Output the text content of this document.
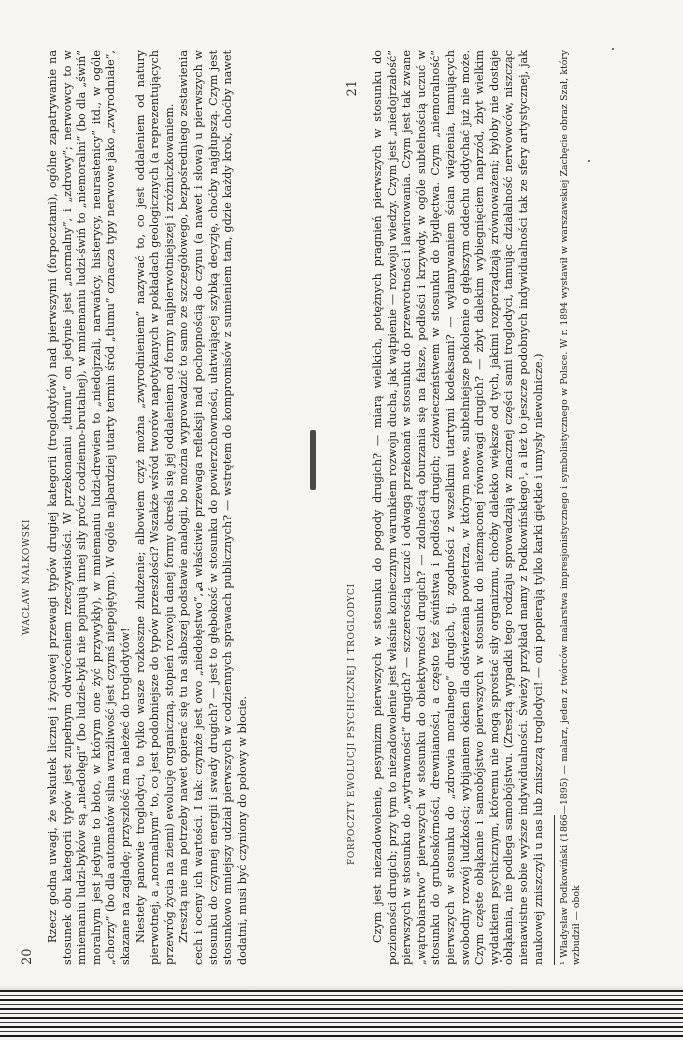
20
WACŁAW NAŁKOWSKI Rzecz godna uwagi, że wskutek licznej i życiowej przewagi typów drugiej kategorii (troglodytów) nad pierwszymi (forpocztami), ogólne zapatrywanie na stosunek obu kategorii typów jest zupełnym odwróceniem rzeczywistości. W przekonaniu „tłumu” on jedynie jest „normalny”, i „zdrowy”; nerwowcy to w mniemaniu ludzi-byków są „niedołęgi” (bo ludzie-byki nie pojmują innej siły prócz codzienno-brutalnej), w mniemaniu ludzi-świń to „niemoralni” (bo dla „świń” moralnym jest jedynie to błoto, w którym one żyć przywykły), w mniemaniu ludzi-drewien to „niedojrzali, narwańcy, histerycy, neurastenicy” itd., w ogóle „chorzy” (bo dla automatów silna wrażliwość jest czymś niepojętym). W ogóle najbardziej utarty termin śród „tłumu” oznacza typy nerwowe jako „zwyrodniałe”, skazane na zagładę; przyszłość ma należeć do troglodytów! Niestety panowie troglodyci, to tylko wasze rozkoszne złudzenie; albowiem czyż można „zwyrodnieniem” nazywać to, co jest oddaleniem od natury pierwotnej, a „normalnym” to, co jest podobniejsze do typów przeszłości? Wszakże wśród tworów napotykanych w pokładach geologicznych (a reprezentujących przewróg życia na ziemi) ewolucję organiczną, stopień rozwoju danej formy określa się jej oddaleniem od formy najpierwotniejszej i zróżniczkowaniem. Zresztą nie ma potrzeby nawet opierać się tu na słabszej podstawie analogii, bo można wyprowadzić to samo ze szczegółowego, bezpośredniego zestawienia cech i oceny ich wartości. I tak: czymże jest owo „niedołęstwo”, a właściwie przewaga refleksji nad pochopnością do czynu (a nawet i słowa) u pierwszych w stosunku do czynnej energii i swady drugich? — jest to głębokość w stosunku do powierzchowności, ułatwiającej szybką decyzję, choćby najgłupszą. Czym jest stosunkowo mniejszy udział pierwszych w codziennych sprawach publicznych? — wstrętem do kompromisów z sumieniem tam, gdzie każdy krok, choćby nawet dodatni, musi być czyniony do połowy w błocie.	FORPOCZTY EWOLUCJI PSYCHICZNEJ I TROGLODYCI
21 Czym jest niezadowolenie, pesymizm pierwszych w stosunku do pogody drugich? — miarą wielkich, potężnych pragnień pierwszych w stosunku do poziomości drugich; przy tym to niezadowolenie jest właśnie koniecznym warunkiem rozwoju ducha, jak wątpienie — rozwoju wiedzy. Czym jest „niedojrzałość” pierwszych w stosunku do „wytrawności” drugich? — szczerością uczuć i odwagą przekonań w stosunku do przewrotności i lawirowania. Czym jest tak zwane „wątrobiarstwo” pierwszych w stosunku do obiektywności drugich? — zdolnością oburzania się na fałsze, podłości i krzywdy, w ogóle subtelnością uczuć w stosunku do gruboskórności, drewnianości, a często też świństwa i podłości drugich; człowieczeństwem w stosunku do bydlęctwa. Czym „niemoralność” pierwszych w stosunku do „zdrowia moralnego” drugich, tj. zgodności z wszelkimi utartymi kodeksami? — wyłamywaniem ścian więzienia, tamujących swobodny rozwój ludzkości; wybijaniem okien dla odświeżenia powietrza, w którym nowe, subtelniejsze pokolenie o głębszym oddechu oddychać już nie może. Czym częste obłąkanie i samobójstwo pierwszych w stosunku do niezmąconej równowagi drugich? — zbyt dalekim wybiegnięciem naprzód, zbyt wielkim wydatkiem psychicznym, któremu nie mogą sprostać siły organizmu, choćby dalekko większe od tych, jakimi rozporządzają zrównoważeni; byłoby nie dostaje obłąkania, nie podlega samobójstwu. (Zresztą wypadki tego rodzaju sprowadzają w znacznej części sami troglodyci, tamując działalność nerwowców, niszcząc nienawistne sobie wyższe indywidualności. Świeży przykład mamy z Podkowińskiego¹, a ileż to jeszcze podobnych indywidualności tak ze sfery artystycznej, jak naukowej zniszczyli u nas lub zniszczą troglodyci! — oni popierają tylko karki giętkie i umysły niewolnicze.) ¹ Władysław Podkowiński (1866—1895) — malarz, jeden z twórców malarstwa impresjonistycznego i symbolistycznego w Polsce. W r. 1894 wystawił w warszawskiej Zachęcie obraz Szał, który wzbudził — obok
